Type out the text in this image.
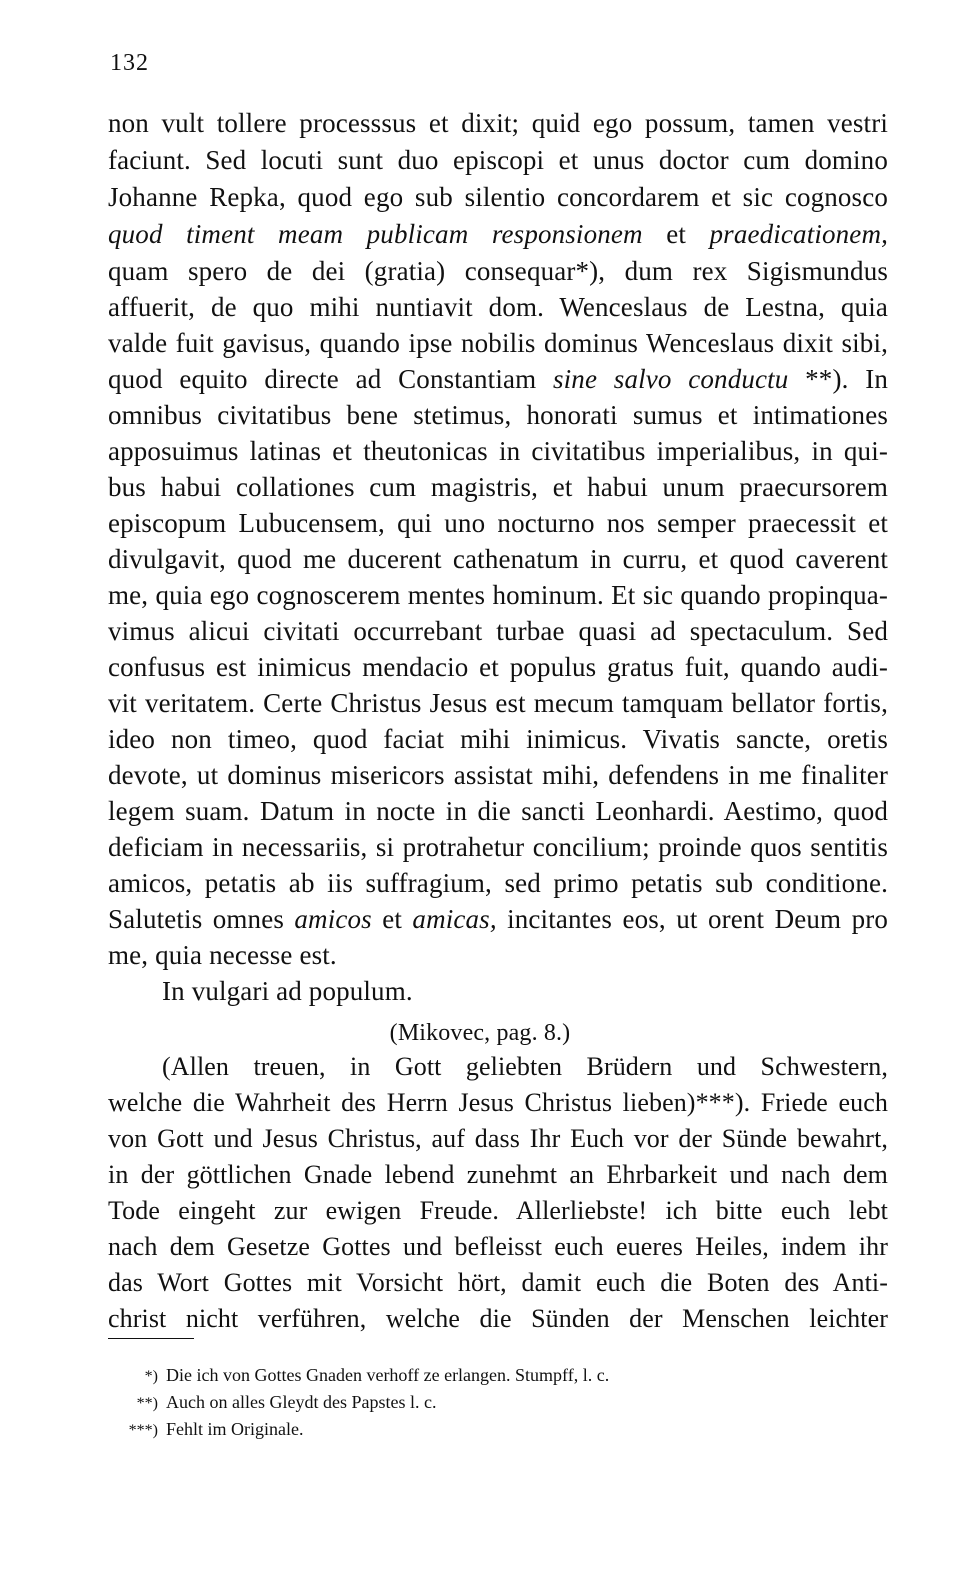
132
non vult tollere processsus et dixit; quid ego possum, tamen vestri
faciunt. Sed locuti sunt duo episcopi et unus doctor cum domino
Johanne Repka, quod ego sub silentio concordarem et sic cognosco
quod timent meam publicam responsionem et praedicationem,
quam spero de dei (gratia) consequar*), dum rex Sigismundus
affuerit, de quo mihi nuntiavit dom. Wenceslaus de Lestna, quia
valde fuit gavisus, quando ipse nobilis dominus Wenceslaus dixit sibi,
quod equito directe ad Constantiam sine salvo conductu **). In
omnibus civitatibus bene stetimus, honorati sumus et intimationes
apposuimus latinas et theutonicas in civitatibus imperialibus, in qui-
bus habui collationes cum magistris, et habui unum praecursorem
episcopum Lubucensem, qui uno nocturno nos semper praecessit et
divulgavit, quod me ducerent cathenatum in curru, et quod caverent
me, quia ego cognoscerem mentes hominum. Et sic quando propinqua-
vimus alicui civitati occurrebant turbae quasi ad spectaculum. Sed
confusus est inimicus mendacio et populus gratus fuit, quando audi-
vit veritatem. Certe Christus Jesus est mecum tamquam bellator fortis,
ideo non timeo, quod faciat mihi inimicus. Vivatis sancte, oretis
devote, ut dominus misericors assistat mihi, defendens in me finaliter
legem suam. Datum in nocte in die sancti Leonhardi. Aestimo, quod
deficiam in necessariis, si protrahetur concilium; proinde quos sentitis
amicos, petatis ab iis suffragium, sed primo petatis sub conditione.
Salutetis omnes amicos et amicas, incitantes eos, ut orent Deum pro
me, quia necesse est.
In vulgari ad populum.
(Mikovec, pag. 8.)
(Allen treuen, in Gott geliebten Brüdern und Schwestern,
welche die Wahrheit des Herrn Jesus Christus lieben)***). Friede euch
von Gott und Jesus Christus, auf dass Ihr Euch vor der Sünde bewahrt,
in der göttlichen Gnade lebend zunehmt an Ehrbarkeit und nach dem
Tode eingeht zur ewigen Freude. Allerliebste! ich bitte euch lebt
nach dem Gesetze Gottes und befleisst euch eueres Heiles, indem ihr
das Wort Gottes mit Vorsicht hört, damit euch die Boten des Anti-
christ nicht verführen, welche die Sünden der Menschen leichter
*) Die ich von Gottes Gnaden verhoff ze erlangen. Stumpff, l. c.
**) Auch on alles Gleydt des Papstes l. c.
***) Fehlt im Originale.
